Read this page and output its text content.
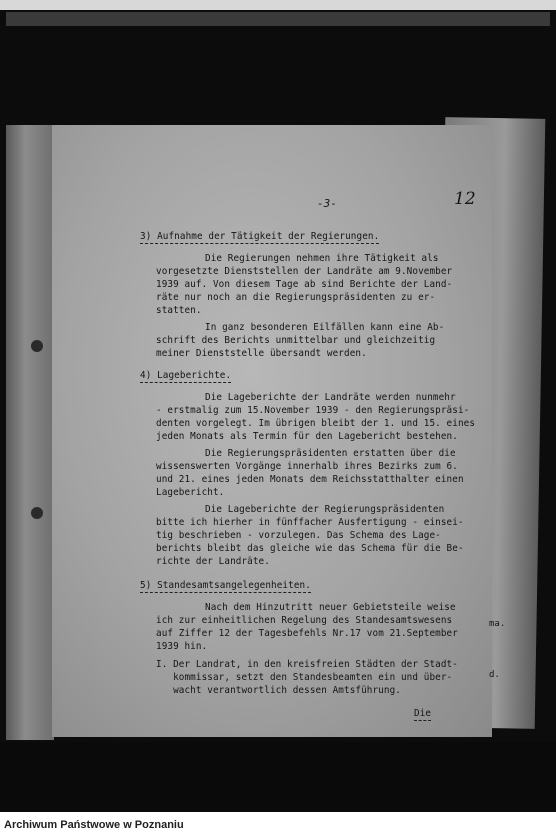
-3-	12
3) Aufnahme der Tätigkeit der Regierungen.
Die Regierungen nehmen ihre Tätigkeit als
vorgesetzte Dienststellen der Landräte am 9.November
1939 auf. Von diesem Tage ab sind Berichte der Land-
räte nur noch an die Regierungspräsidenten zu er-
statten.
In ganz besonderen Eilfällen kann eine Ab-
schrift des Berichts unmittelbar und gleichzeitig
meiner Dienststelle übersandt werden.
4) Lageberichte.
Die Lageberichte der Landräte werden nunmehr
- erstmalig zum 15.November 1939 - den Regierungspräsi-
denten vorgelegt. Im übrigen bleibt der 1. und 15. eines
jeden Monats als Termin für den Lagebericht bestehen.
Die Regierungspräsidenten erstatten über die
wissenswerten Vorgänge innerhalb ihres Bezirks zum 6.
und 21. eines jeden Monats dem Reichsstatthalter einen
Lagebericht.
Die Lageberichte der Regierungspräsidenten
bitte ich hierher in fünffacher Ausfertigung - einsei-
tig beschrieben - vorzulegen. Das Schema des Lage-
berichts bleibt das gleiche wie das Schema für die Be-
richte der Landräte.
5) Standesamtsangelegenheiten.
Nach dem Hinzutritt neuer Gebietsteile weise
ich zur einheitlichen Regelung des Standesamtswesens
auf Ziffer 12 der Tagesbefehls Nr.17 vom 21.September
1939 hin.
I. Der Landrat, in den kreisfreien Städten der Stadt-
kommissar, setzt den Standesbeamten ein und über-
wacht verantwortlich dessen Amtsführung.
Die
ma.
d.
Archiwum Państwowe w Poznaniu
